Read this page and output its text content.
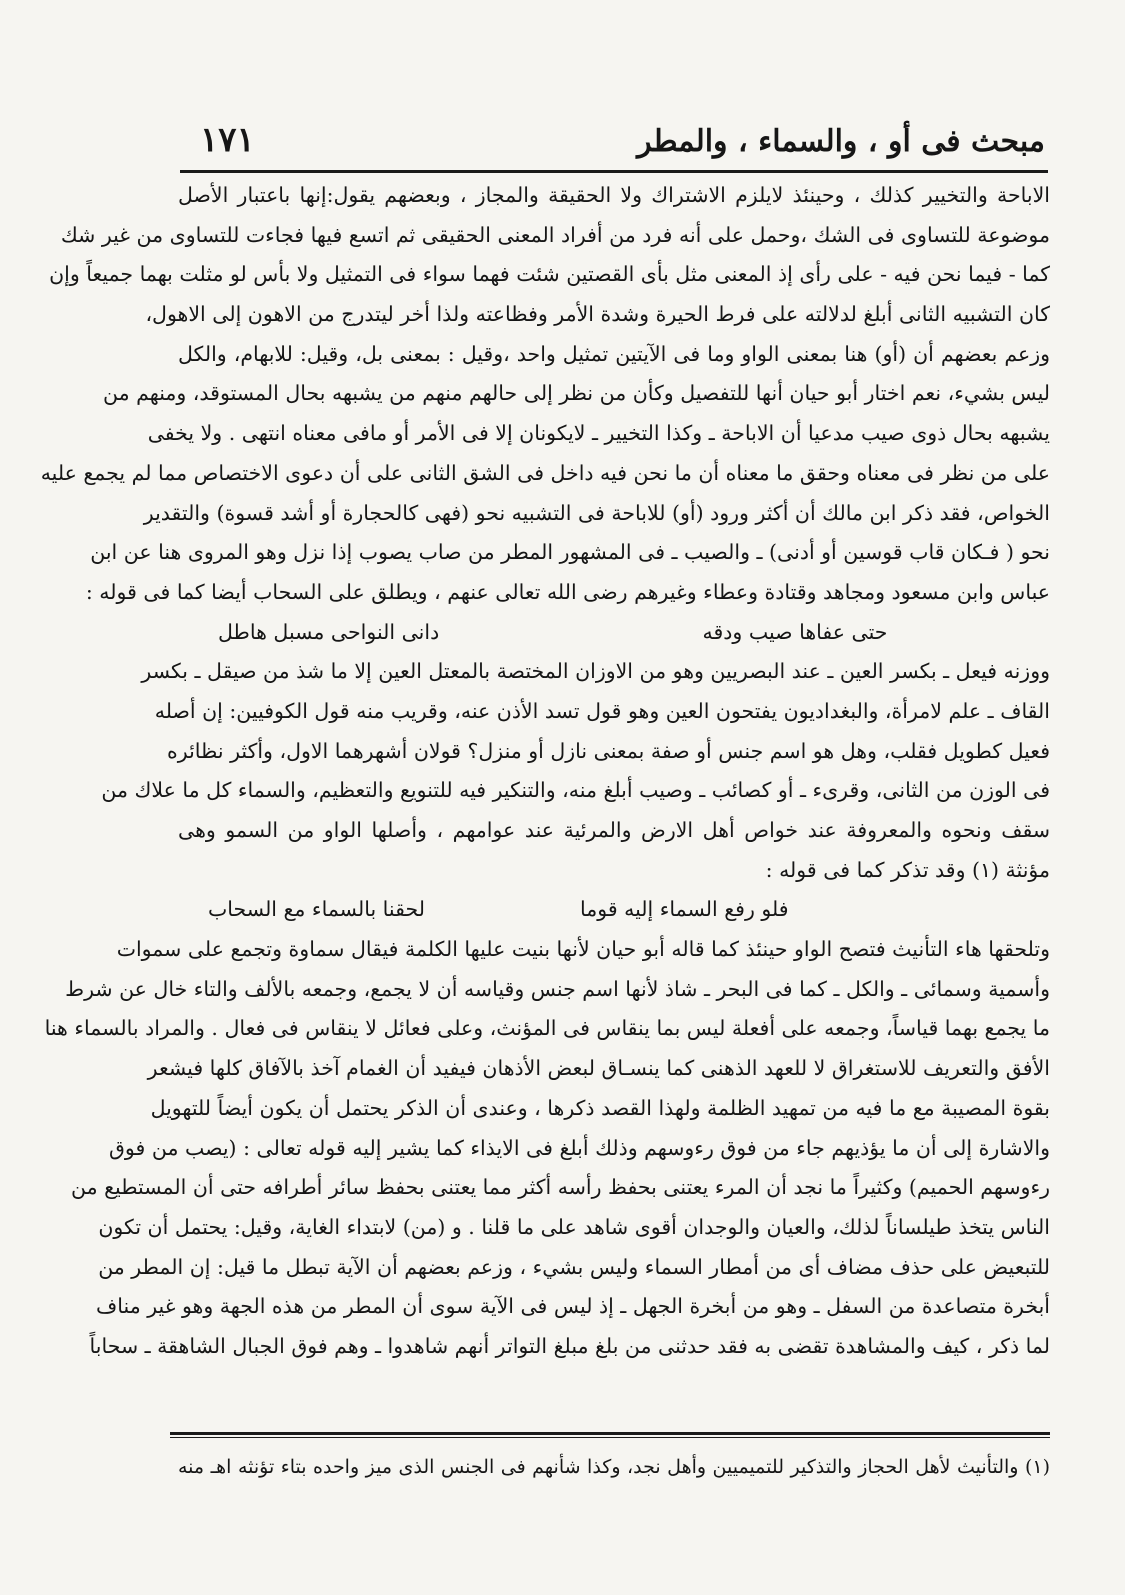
مبحث فی أو ، والسماء ، والمطر
۱۷۱
الاباحة والتخيير كذلك ، وحينئذ لايلزم الاشتراك ولا الحقيقة والمجاز ، وبعضهم يقول:إنها باعتبار الأصل
موضوعة للتساوى فى الشك ،وحمل على أنه فرد من أفراد المعنى الحقيقى ثم اتسع فيها فجاءت للتساوى من غير شك
كما - فيما نحن فيه - على رأى إذ المعنى مثل بأى القصتين شئت فهما سواء فى التمثيل ولا بأس لو مثلت بهما جميعاً وإن
كان التشبيه الثانى أبلغ لدلالته على فرط الحيرة وشدة الأمر وفظاعته ولذا أخر ليتدرج من الاهون إلى الاهول،
وزعم بعضهم أن (أو) هنا بمعنى الواو وما فى الآيتين تمثيل واحد ،وقيل : بمعنى بل، وقيل: للابهام، والكل
ليس بشيء، نعم اختار أبو حيان أنها للتفصيل وكأن من نظر إلى حالهم منهم من يشبهه بحال المستوقد، ومنهم من
يشبهه بحال ذوى صيب مدعيا أن الاباحة ـ وكذا التخيير ـ لايكونان إلا فى الأمر أو مافى معناه انتهى . ولا يخفى
على من نظر فى معناه وحقق ما معناه أن ما نحن فيه داخل فى الشق الثانى على أن دعوى الاختصاص مما لم يجمع عليه
الخواص، فقد ذكر ابن مالك أن أكثر ورود (أو) للاباحة فى التشبيه نحو (فهى كالحجارة أو أشد قسوة) والتقدير
نحو ( فـكان قاب قوسين أو أدنى) ـ والصيب ـ فى المشهور المطر من صاب يصوب إذا نزل وهو المروى هنا عن ابن
عباس وابن مسعود ومجاهد وقتادة وعطاء وغيرهم رضى الله تعالى عنهم ، ويطلق على السحاب أيضا كما فى قوله :
حتى عفاها صيب ودقه
دانى النواحى مسبل هاطل
ووزنه فيعل ـ بكسر العين ـ عند البصريين وهو من الاوزان المختصة بالمعتل العين إلا ما شذ من صيقل ـ بكسر
القاف ـ علم لامرأة، والبغداديون يفتحون العين وهو قول تسد الأذن عنه، وقريب منه قول الكوفيين: إن أصله
فعيل كطويل فقلب، وهل هو اسم جنس أو صفة بمعنى نازل أو منزل؟ قولان أشهرهما الاول، وأكثر نظائره
فى الوزن من الثانى، وقرىء ـ أو كصائب ـ وصيب أبلغ منه، والتنكير فيه للتنويع والتعظيم، والسماء كل ما علاك من
سقف ونحوه والمعروفة عند خواص أهل الارض والمرئية عند عوامهم ، وأصلها الواو من السمو وهى
مؤنثة (۱) وقد تذكر كما فى قوله :
فلو رفع السماء إليه قوما
لحقنا بالسماء مع السحاب
وتلحقها هاء التأنيث فتصح الواو حينئذ كما قاله أبو حيان لأنها بنيت عليها الكلمة فيقال سماوة وتجمع على سموات
وأسمية وسمائى ـ والكل ـ كما فى البحر ـ شاذ لأنها اسم جنس وقياسه أن لا يجمع، وجمعه بالألف والتاء خال عن شرط
ما يجمع بهما قياساً، وجمعه على أفعلة ليس بما ينقاس فى المؤنث، وعلى فعائل لا ينقاس فى فعال . والمراد بالسماء هنا
الأفق والتعريف للاستغراق لا للعهد الذهنى كما ينسـاق لبعض الأذهان فيفيد أن الغمام آخذ بالآفاق كلها فيشعر
بقوة المصيبة مع ما فيه من تمهيد الظلمة ولهذا القصد ذكرها ، وعندى أن الذكر يحتمل أن يكون أيضاً للتهويل
والاشارة إلى أن ما يؤذيهم جاء من فوق رءوسهم وذلك أبلغ فى الايذاء كما يشير إليه قوله تعالى : (يصب من فوق
رءوسهم الحميم) وكثيراً ما نجد أن المرء يعتنى بحفظ رأسه أكثر مما يعتنى بحفظ سائر أطرافه حتى أن المستطيع من
الناس يتخذ طيلساناً لذلك، والعيان والوجدان أقوى شاهد على ما قلنا . و (من) لابتداء الغاية، وقيل: يحتمل أن تكون
للتبعيض على حذف مضاف أى من أمطار السماء وليس بشيء ، وزعم بعضهم أن الآية تبطل ما قيل: إن المطر من
أبخرة متصاعدة من السفل ـ وهو من أبخرة الجهل ـ إذ ليس فى الآية سوى أن المطر من هذه الجهة وهو غير مناف
لما ذكر ، كيف والمشاهدة تقضى به فقد حدثنى من بلغ مبلغ التواتر أنهم شاهدوا ـ وهم فوق الجبال الشاهقة ـ سحاباً
(۱) والتأنيث لأهل الحجاز والتذكير للتميميين وأهل نجد، وكذا شأنهم فى الجنس الذى ميز واحده بتاء تؤنثه اهـ منه
